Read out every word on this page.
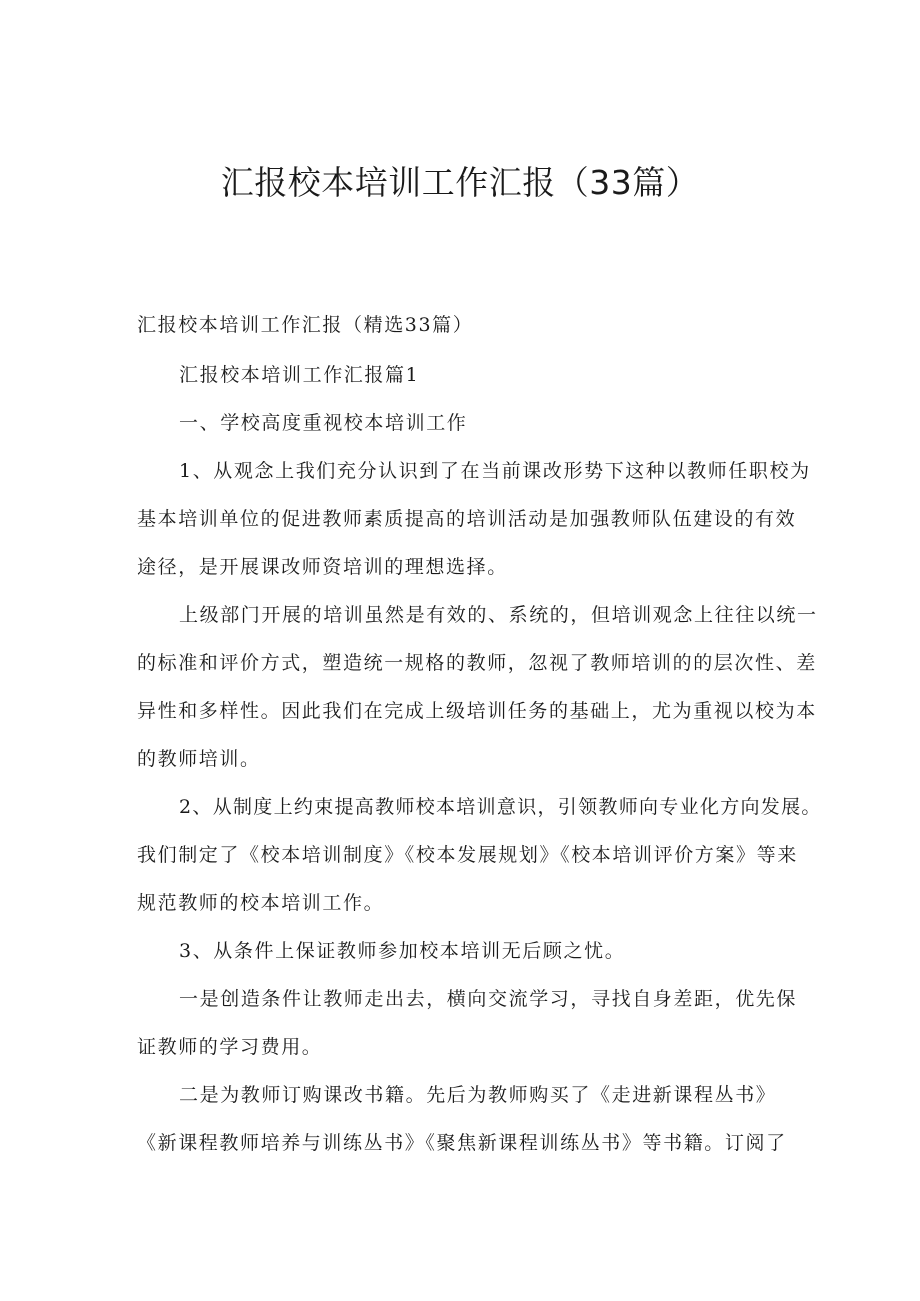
汇报校本培训工作汇报（33篇）

汇报校本培训工作汇报（精选33篇）

汇报校本培训工作汇报篇1

一、学校高度重视校本培训工作

1、从观念上我们充分认识到了在当前课改形势下这种以教师任职校为

基本培训单位的促进教师素质提高的培训活动是加强教师队伍建设的有效

途径，是开展课改师资培训的理想选择。

上级部门开展的培训虽然是有效的、系统的，但培训观念上往往以统一

的标准和评价方式，塑造统一规格的教师，忽视了教师培训的的层次性、差

异性和多样性。因此我们在完成上级培训任务的基础上，尤为重视以校为本

的教师培训。

2、从制度上约束提高教师校本培训意识，引领教师向专业化方向发展。

我们制定了《校本培训制度》《校本发展规划》《校本培训评价方案》等来

规范教师的校本培训工作。

3、从条件上保证教师参加校本培训无后顾之忧。

一是创造条件让教师走出去，横向交流学习，寻找自身差距，优先保

证教师的学习费用。

二是为教师订购课改书籍。先后为教师购买了《走进新课程丛书》

《新课程教师培养与训练丛书》《聚焦新课程训练丛书》等书籍。订阅了
